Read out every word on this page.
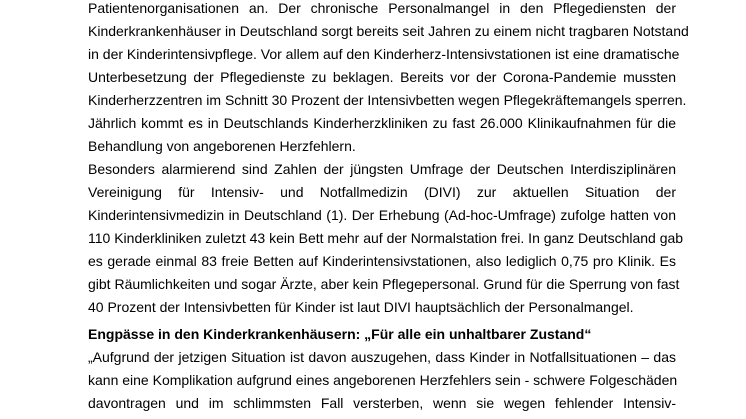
Patientenorganisationen an. Der chronische Personalmangel in den Pflegediensten der
Kinderkrankenhäuser in Deutschland sorgt bereits seit Jahren zu einem nicht tragbaren Notstand
in der Kinderintensivpflege. Vor allem auf den Kinderherz-Intensivstationen ist eine dramatische
Unterbesetzung der Pflegedienste zu beklagen. Bereits vor der Corona-Pandemie mussten
Kinderherzzentren im Schnitt 30 Prozent der Intensivbetten wegen Pflegekräftemangels sperren.
Jährlich kommt es in Deutschlands Kinderherzkliniken zu fast 26.000 Klinikaufnahmen für die
Behandlung von angeborenen Herzfehlern.
Besonders alarmierend sind Zahlen der jüngsten Umfrage der Deutschen Interdisziplinären
Vereinigung für Intensiv- und Notfallmedizin (DIVI) zur aktuellen Situation der
Kinderintensivmedizin in Deutschland (1). Der Erhebung (Ad-hoc-Umfrage) zufolge hatten von
110 Kinderkliniken zuletzt 43 kein Bett mehr auf der Normalstation frei. In ganz Deutschland gab
es gerade einmal 83 freie Betten auf Kinderintensivstationen, also lediglich 0,75 pro Klinik. Es
gibt Räumlichkeiten und sogar Ärzte, aber kein Pflegepersonal. Grund für die Sperrung von fast
40 Prozent der Intensivbetten für Kinder ist laut DIVI hauptsächlich der Personalmangel.
Engpässe in den Kinderkrankenhäusern: „Für alle ein unhaltbarer Zustand“
„Aufgrund der jetzigen Situation ist davon auszugehen, dass Kinder in Notfallsituationen – das
kann eine Komplikation aufgrund eines angeborenen Herzfehlers sein - schwere Folgeschäden
davontragen und im schlimmsten Fall versterben, wenn sie wegen fehlender Intensiv-
